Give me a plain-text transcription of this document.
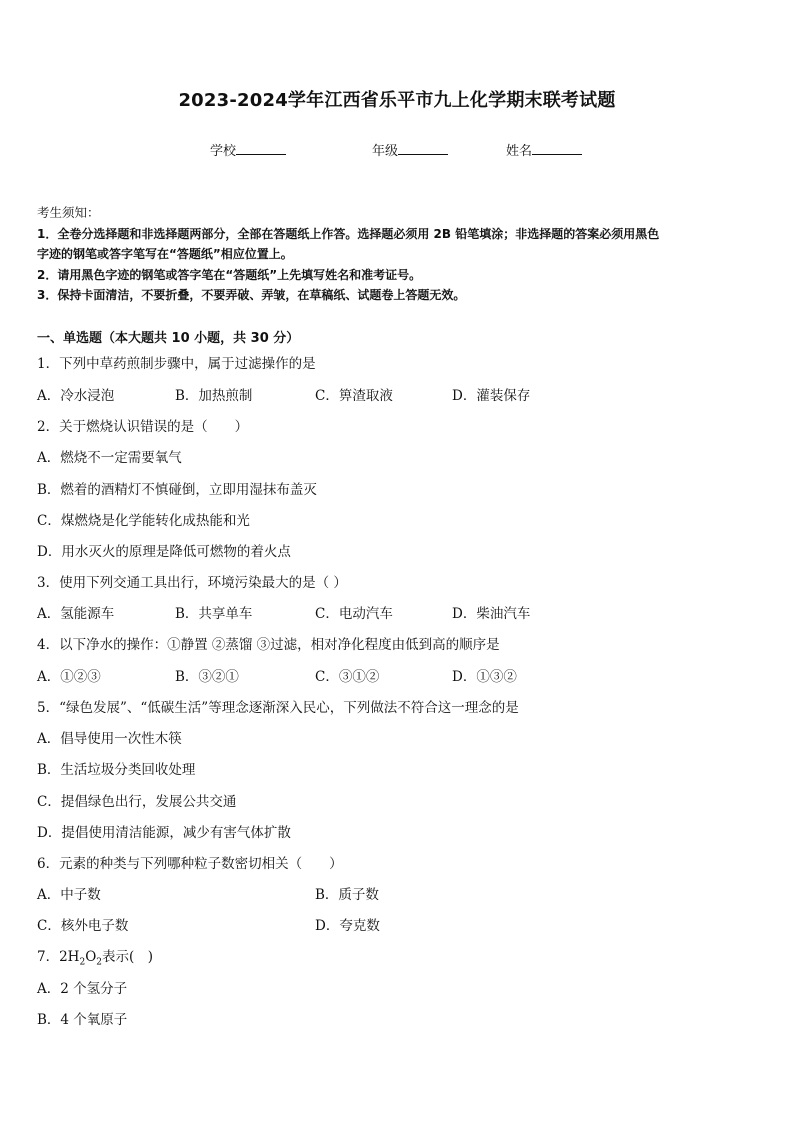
2023-2024学年江西省乐平市九上化学期末联考试题
学校	年级	姓名
考生须知：
1．全卷分选择题和非选择题两部分，全部在答题纸上作答。选择题必须用 2B 铅笔填涂；非选择题的答案必须用黑色
字迹的钢笔或答字笔写在“答题纸”相应位置上。
2．请用黑色字迹的钢笔或答字笔在“答题纸”上先填写姓名和准考证号。
3．保持卡面清洁，不要折叠，不要弄破、弄皱，在草稿纸、试题卷上答题无效。
一、单选题（本大题共 10 小题，共 30 分）
1．下列中草药煎制步骤中，属于过滤操作的是
A．冷水浸泡	B．加热煎制	C．箅渣取液	D．灌装保存
2．关于燃烧认识错误的是（　　）
A．燃烧不一定需要氧气
B．燃着的酒精灯不慎碰倒，立即用湿抹布盖灭
C．煤燃烧是化学能转化成热能和光
D．用水灭火的原理是降低可燃物的着火点
3．使用下列交通工具出行，环境污染最大的是（ ）
A．氢能源车	B．共享单车	C．电动汽车	D．柴油汽车
4．以下净水的操作：①静置 ②蒸馏 ③过滤，相对净化程度由低到高的顺序是
A．①②③	B．③②①	C．③①②	D．①③②
5．“绿色发展”、“低碳生活”等理念逐渐深入民心，下列做法不符合这一理念的是
A．倡导使用一次性木筷
B．生活垃圾分类回收处理
C．提倡绿色出行，发展公共交通
D．提倡使用清洁能源，减少有害气体扩散
6．元素的种类与下列哪种粒子数密切相关（　　）
A．中子数	B．质子数
C．核外电子数	D．夸克数
7．$2H_2O_2$表示(　)
A．2 个氢分子
B．4 个氧原子
